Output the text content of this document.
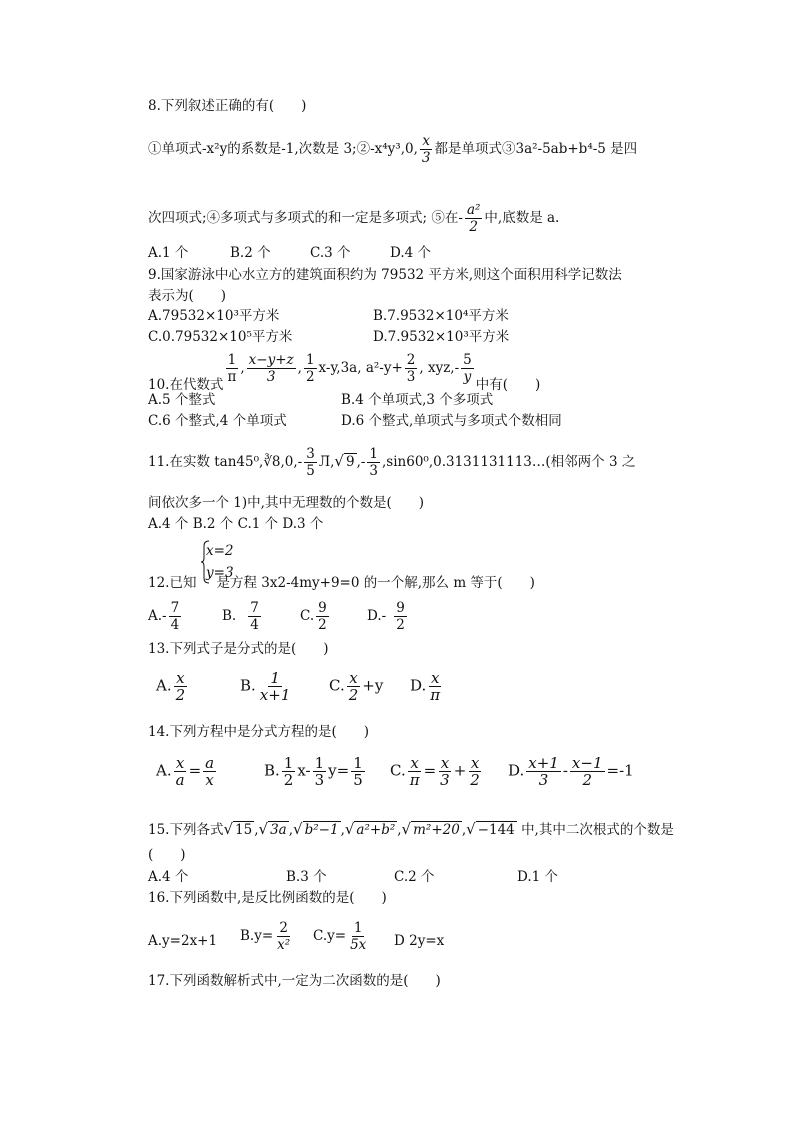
8.下列叙述正确的有(　　)
①单项式-x²y的系数是-1,次数是 3;②-x⁴y³,0, $\frac{x}{3}$ 都是单项式③3a²-5ab+b⁴-5 是四
次四项式;④多项式与多项式的和一定是多项式; ⑤在- $\frac{\text{a²}}{2}$ 中,底数是 a.
A.1 个	B.2 个	C.3 个	D.4 个
9.国家游泳中心水立方的建筑面积约为 79532 平方米,则这个面积用科学记数法
表示为(　　)
A.79532×10³平方米	B.7.9532×10⁴平方米
C.0.79532×10⁵平方米	D.7.9532×10³平方米
10.在代数式 $\frac{1}{\pi}$ , $\frac{x-y+z}{3}$ , $\frac{1}{2} x-y,3a$, $a^2-y+ \frac{2}{3}$ , $xyz,- \frac{5}{y}$ 中有(　　)
A.5 个整式	B.4 个单项式,3 个多项式
C.6 个整式,4 个单项式	D.6 个整式,单项式与多项式个数相同
11.在实数 tan45⁰,∛8,0,- $\frac{3}{5} Л$, √ 9 ,- $\frac{1}{3}$ ,sin60⁰,0.3131131113…(相邻两个 3 之
间依次多一个 1)中,其中无理数的个数是(　　)
A.4 个 B.2 个 C.1 个 D.3 个
x=2
y=3
12.已知 是方程 3x2-4my+9=0 的一个解,那么 m 等于(　　)
$A.- \frac{7}{4}$	B. $\frac{7}{4}$	C. $\frac{9}{2}$	$D.- \frac{9}{2}$
13.下列式子是分式的是(　　)
A. $\frac{x}{2}$	B. $\frac{1}{x+1} C$. $\frac{x}{2} +y$ D. $\frac{x}{\pi}$
14.下列方程中是分式方程的是(　　)
A. $\frac{x}{a} = \frac{a}{x}$	B. $\frac{1}{2} x- \frac{1}{3} y= \frac{1}{5} C$. $\frac{x}{\pi} = \frac{x}{3} + \frac{x}{2} D$. $\frac{x+1}{3} - \frac{x-1}{2} =-1$
15.下列各式 √ 15 , √ 3a , √ b²−1 , √ a²+b² , √ m²+20 , √ −144 中,其中二次根式的个数是
(　　)
A.4 个	B.3 个	C.2 个	D.1 个
16.下列函数中,是反比例函数的是(　　)
A.y=2x+1 $B.y= \frac{2}{\text{x²}} C.y= \frac{1}{5x}$ D 2y=x
17.下列函数解析式中,一定为二次函数的是(　　)
